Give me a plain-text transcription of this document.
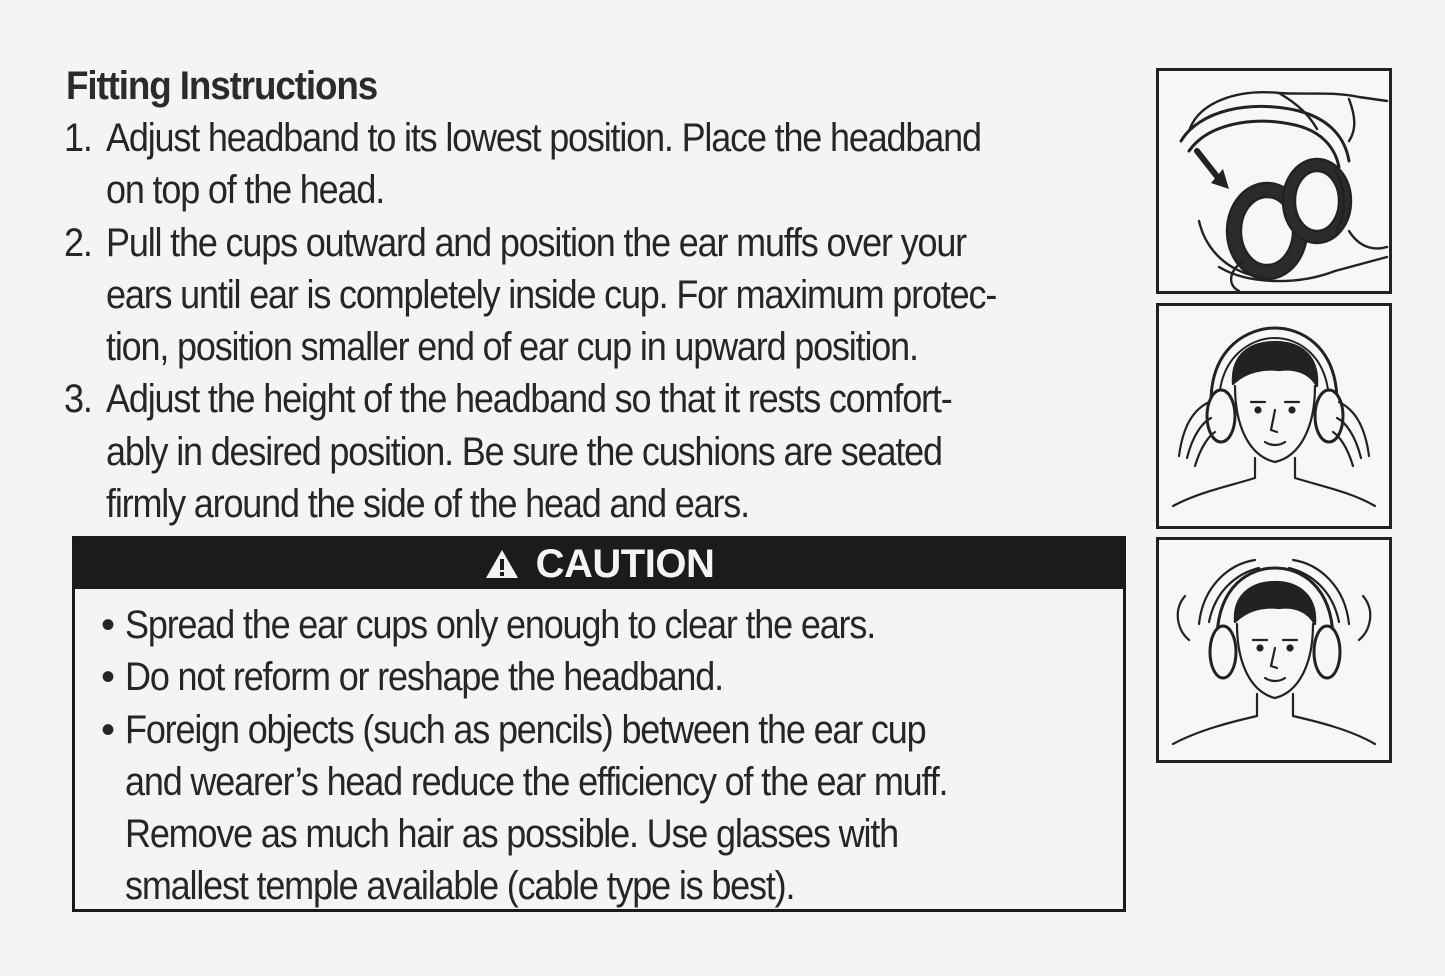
Fitting Instructions
1. Adjust headband to its lowest position. Place the headband
on top of the head.
2. Pull the cups outward and position the ear muffs over your
ears until ear is completely inside cup. For maximum protec-
tion, position smaller end of ear cup in upward position.
3. Adjust the height of the headband so that it rests comfort-
ably in desired position. Be sure the cushions are seated
firmly around the side of the head and ears.
CAUTION
• Spread the ear cups only enough to clear the ears.
• Do not reform or reshape the headband.
• Foreign objects (such as pencils) between the ear cup
and wearer’s head reduce the efficiency of the ear muff.
Remove as much hair as possible. Use glasses with
smallest temple available (cable type is best).
